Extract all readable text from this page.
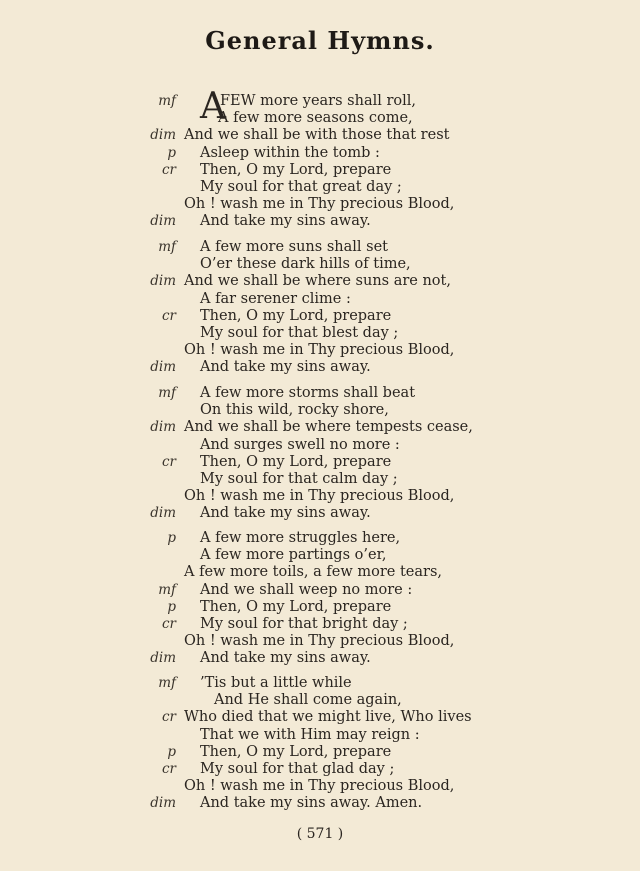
General Hymns.
mf A
FEW more years shall roll,
A few more seasons come,
dim And we shall be with those that rest
p Asleep within the tomb :
cr Then, O my Lord, prepare
My soul for that great day ;
Oh ! wash me in Thy precious Blood,
dim And take my sins away.
mf A few more suns shall set
O’er these dark hills of time,
dim And we shall be where suns are not,
A far serener clime :
cr Then, O my Lord, prepare
My soul for that blest day ;
Oh ! wash me in Thy precious Blood,
dim And take my sins away.
mf A few more storms shall beat
On this wild, rocky shore,
dim And we shall be where tempests cease,
And surges swell no more :
cr Then, O my Lord, prepare
My soul for that calm day ;
Oh ! wash me in Thy precious Blood,
dim And take my sins away.
p A few more struggles here,
A few more partings o’er,
A few more toils, a few more tears,
mf And we shall weep no more :
p Then, O my Lord, prepare
cr My soul for that bright day ;
Oh ! wash me in Thy precious Blood,
dim And take my sins away.
mf ’Tis but a little while
And He shall come again,
cr Who died that we might live, Who lives
That we with Him may reign :
p Then, O my Lord, prepare
cr My soul for that glad day ;
Oh ! wash me in Thy precious Blood,
dim And take my sins away. Amen.
( 571 )
